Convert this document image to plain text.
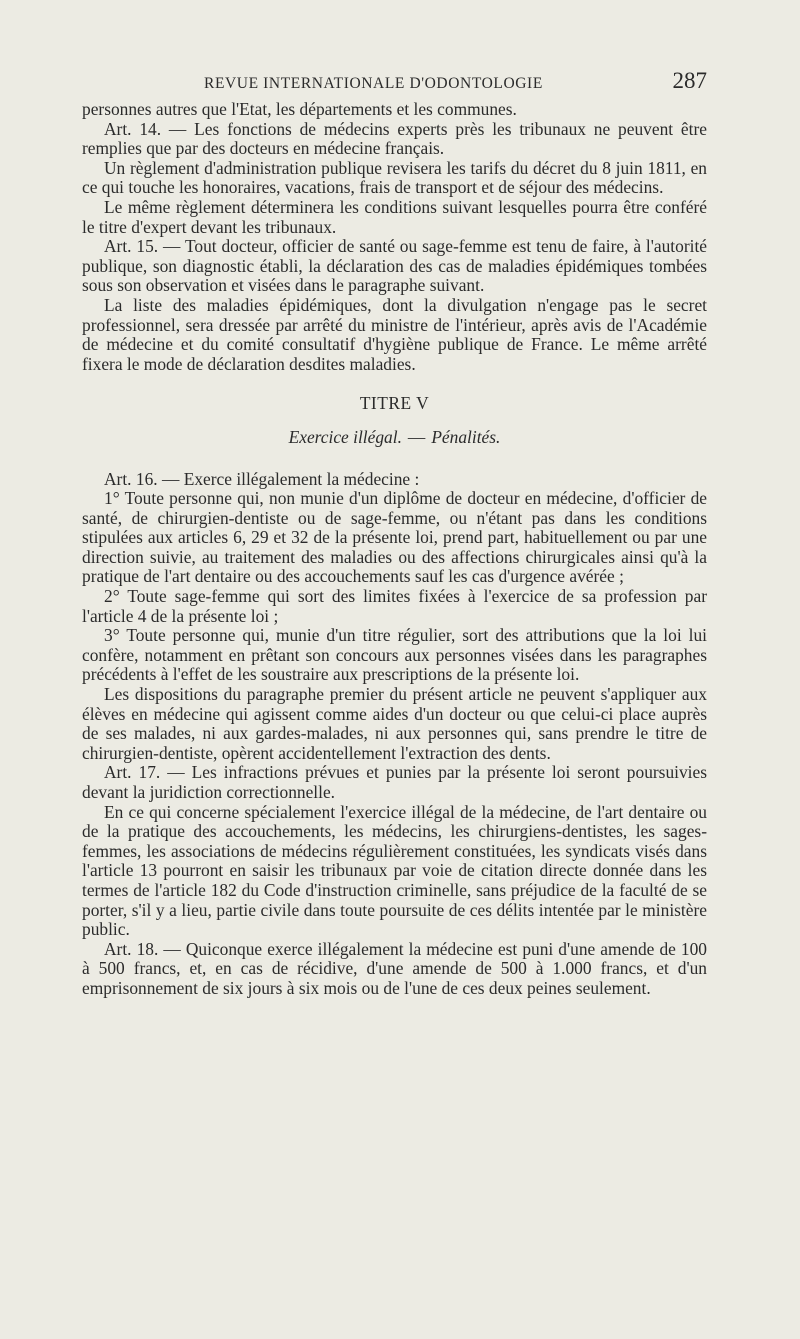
REVUE INTERNATIONALE D'ODONTOLOGIE	287

personnes autres que l'Etat, les départements et les communes.

Art. 14. — Les fonctions de médecins experts près les tribunaux ne peuvent être remplies que par des docteurs en médecine français.

Un règlement d'administration publique revisera les tarifs du décret du 8 juin 1811, en ce qui touche les honoraires, vacations, frais de transport et de séjour des médecins.

Le même règlement déterminera les conditions suivant lesquelles pourra être conféré le titre d'expert devant les tribunaux.

Art. 15. — Tout docteur, officier de santé ou sage-femme est tenu de faire, à l'autorité publique, son diagnostic établi, la déclaration des cas de maladies épidémiques tombées sous son observation et visées dans le paragraphe suivant.

La liste des maladies épidémiques, dont la divulgation n'engage pas le secret professionnel, sera dressée par arrêté du ministre de l'intérieur, après avis de l'Académie de médecine et du comité consultatif d'hygiène publique de France. Le même arrêté fixera le mode de déclaration desdites maladies.

TITRE V
Exercice illégal. — Pénalités.

Art. 16. — Exerce illégalement la médecine :

1° Toute personne qui, non munie d'un diplôme de docteur en médecine, d'officier de santé, de chirurgien-dentiste ou de sage-femme, ou n'étant pas dans les conditions stipulées aux articles 6, 29 et 32 de la présente loi, prend part, habituellement ou par une direction suivie, au traitement des maladies ou des affections chirurgicales ainsi qu'à la pratique de l'art dentaire ou des accouchements sauf les cas d'urgence avérée ;

2° Toute sage-femme qui sort des limites fixées à l'exercice de sa profession par l'article 4 de la présente loi ;

3° Toute personne qui, munie d'un titre régulier, sort des attributions que la loi lui confère, notamment en prêtant son concours aux personnes visées dans les paragraphes précédents à l'effet de les soustraire aux prescriptions de la présente loi.

Les dispositions du paragraphe premier du présent article ne peuvent s'appliquer aux élèves en médecine qui agissent comme aides d'un docteur ou que celui-ci place auprès de ses malades, ni aux gardes-malades, ni aux personnes qui, sans prendre le titre de chirurgien-dentiste, opèrent accidentellement l'extraction des dents.

Art. 17. — Les infractions prévues et punies par la présente loi seront poursuivies devant la juridiction correctionnelle.

En ce qui concerne spécialement l'exercice illégal de la médecine, de l'art dentaire ou de la pratique des accouchements, les médecins, les chirurgiens-dentistes, les sages-femmes, les associations de médecins régulièrement constituées, les syndicats visés dans l'article 13 pourront en saisir les tribunaux par voie de citation directe donnée dans les termes de l'article 182 du Code d'instruction criminelle, sans préjudice de la faculté de se porter, s'il y a lieu, partie civile dans toute poursuite de ces délits intentée par le ministère public.

Art. 18. — Quiconque exerce illégalement la médecine est puni d'une amende de 100 à 500 francs, et, en cas de récidive, d'une amende de 500 à 1.000 francs, et d'un emprisonnement de six jours à six mois ou de l'une de ces deux peines seulement.
